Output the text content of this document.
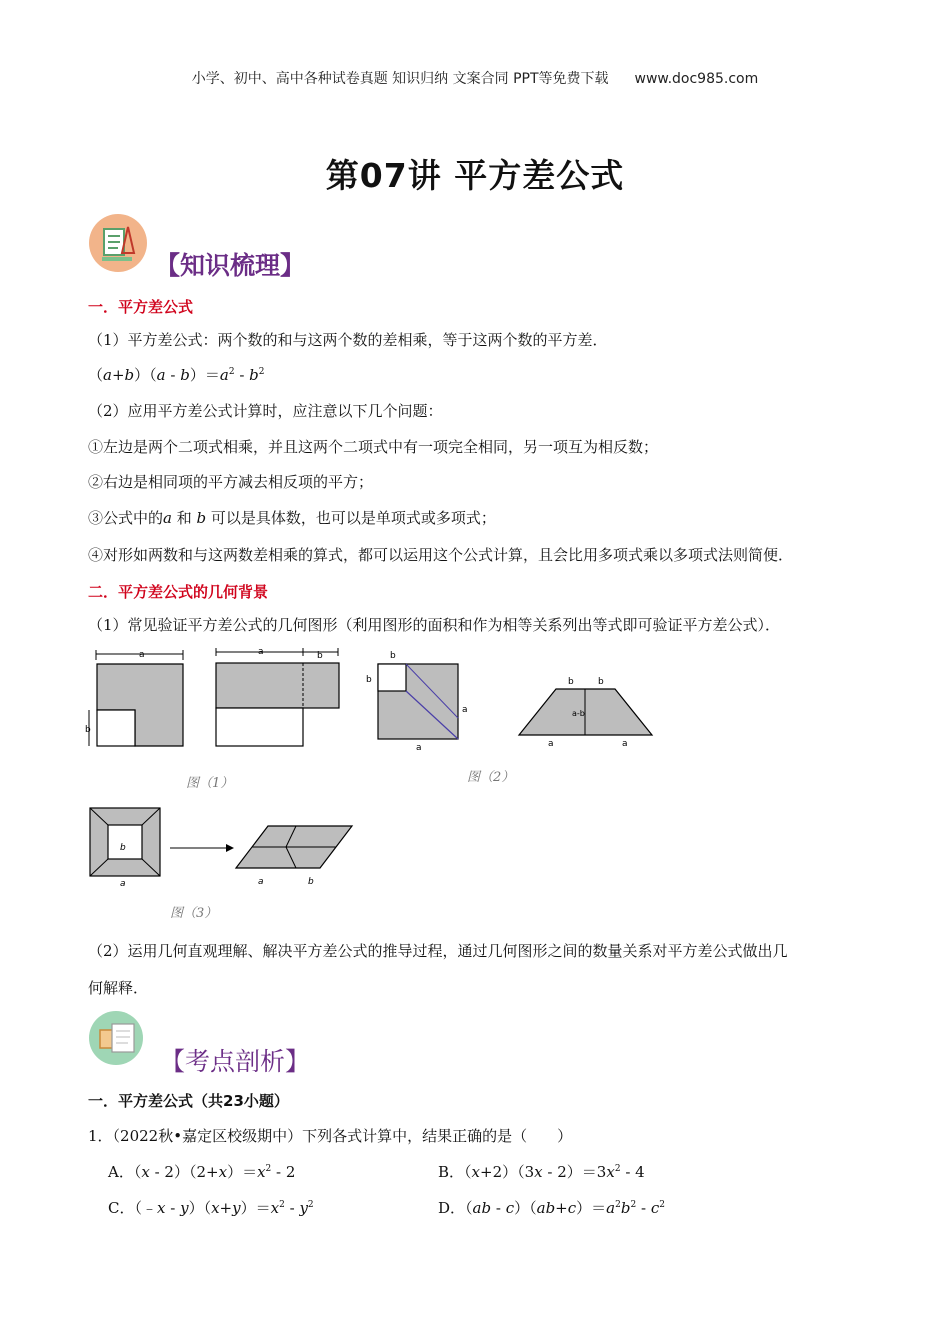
小学、初中、高中各种试卷真题 知识归纳 文案合同 PPT等免费下载 www.doc985.com
第07讲 平方差公式
【知识梳理】
一．平方差公式
（1）平方差公式：两个数的和与这两个数的差相乘，等于这两个数的平方差．
$(a+b)(a - b)=a^2 - b^2$
（2）应用平方差公式计算时，应注意以下几个问题：
①左边是两个二项式相乘，并且这两个二项式中有一项完全相同，另一项互为相反数；
②右边是相同项的平方减去相反项的平方；
③公式中的a 和 b 可以是具体数，也可以是单项式或多项式；
④对形如两数和与这两数差相乘的算式，都可以运用这个公式计算，且会比用多项式乘以多项式法则简便．
二．平方差公式的几何背景
（1）常见验证平方差公式的几何图形（利用图形的面积和作为相等关系列出等式即可验证平方差公式）．
a
b
a	b
图（1）
b
b
a
a
b	b
a-b
a	a
图（2）
b
a	a	b
图（3）
（2）运用几何直观理解、解决平方差公式的推导过程，通过几何图形之间的数量关系对平方差公式做出几
何解释．
【考点剖析】
一．平方差公式（共23小题）
1．（2022秋•嘉定区校级期中）下列各式计算中，结果正确的是（　　）
A．$(x - 2)(2+x)=x^2 - 2$	B．$(x+2)(3x - 2)=3x^2 - 4$
C．（﹣x - $y)(x+y)=x^2 - y^2$	D．$(ab - c)(ab+c)=a^2b^2 - c^2$
